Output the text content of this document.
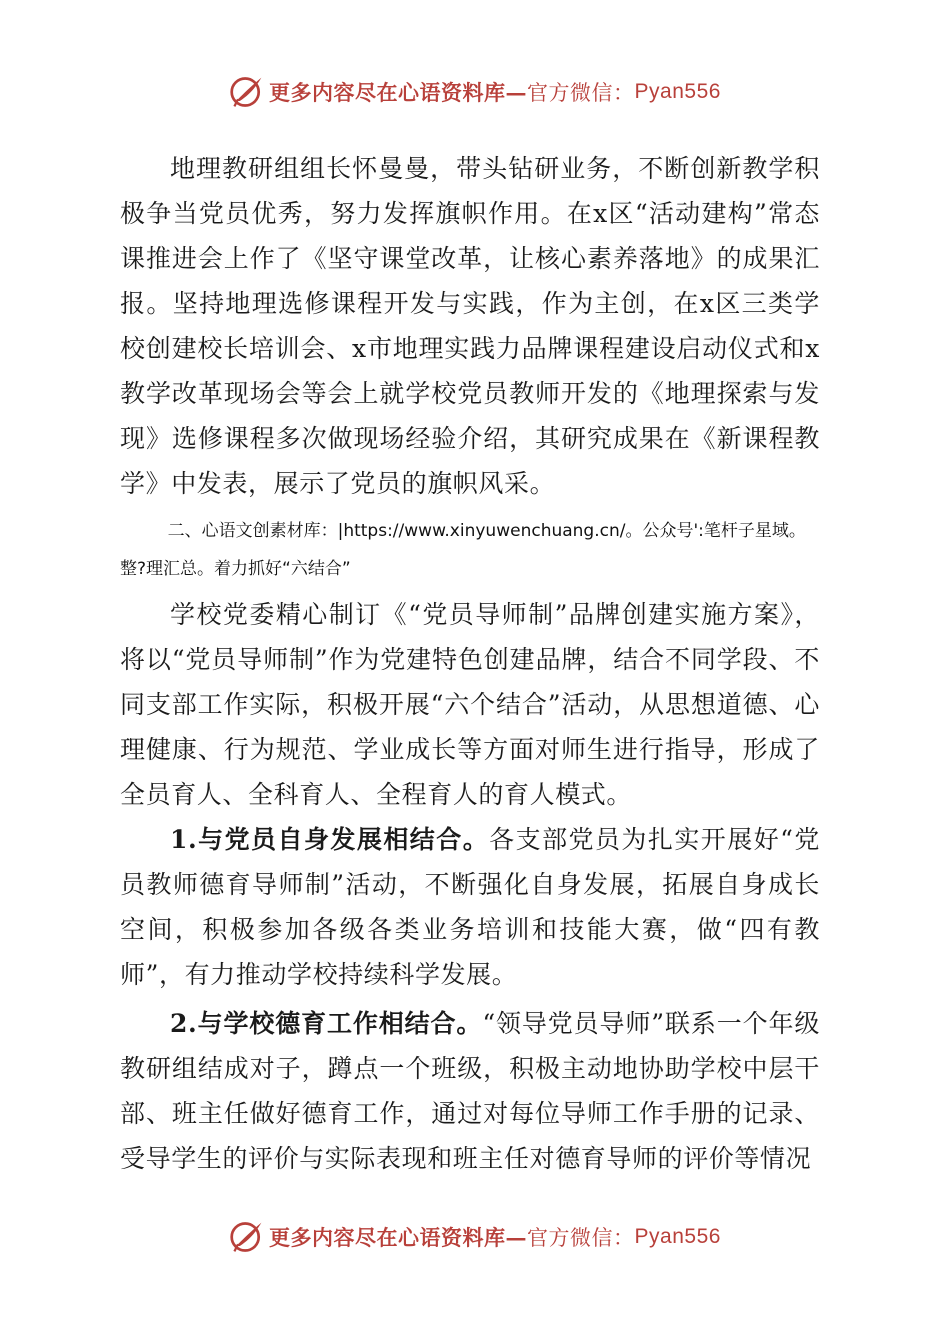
更多内容尽在心语资料库 — 官方微信： Pyan556

地理教研组组长怀曼曼，带头钻研业务，不断创新教学积极争当党员优秀，努力发挥旗帜作用。在x区“活动建构”常态课推进会上作了《坚守课堂改革，让核心素养落地》的成果汇报。坚持地理选修课程开发与实践，作为主创，在x区三类学校创建校长培训会、x市地理实践力品牌课程建设启动仪式和x教学改革现场会等会上就学校党员教师开发的《地理探索与发现》选修课程多次做现场经验介绍，其研究成果在《新课程教学》中发表，展示了党员的旗帜风采。

二、心语文创素材库：|https://www.xinyuwenchuang.cn/。公众号':笔杆子星域。整?理汇总。着力抓好“六结合”

学校党委精心制订《“党员导师制”品牌创建实施方案》，将以“党员导师制”作为党建特色创建品牌，结合不同学段、不同支部工作实际，积极开展“六个结合”活动，从思想道德、心理健康、行为规范、学业成长等方面对师生进行指导，形成了全员育人、全科育人、全程育人的育人模式。

1.与党员自身发展相结合。各支部党员为扎实开展好“党员教师德育导师制”活动，不断强化自身发展，拓展自身成长空间，积极参加各级各类业务培训和技能大赛，做“四有教师”，有力推动学校持续科学发展。

2.与学校德育工作相结合。“领导党员导师”联系一个年级教研组结成对子，蹲点一个班级，积极主动地协助学校中层干部、班主任做好德育工作，通过对每位导师工作手册的记录、受导学生的评价与实际表现和班主任对德育导师的评价等情况

更多内容尽在心语资料库 — 官方微信： Pyan556
